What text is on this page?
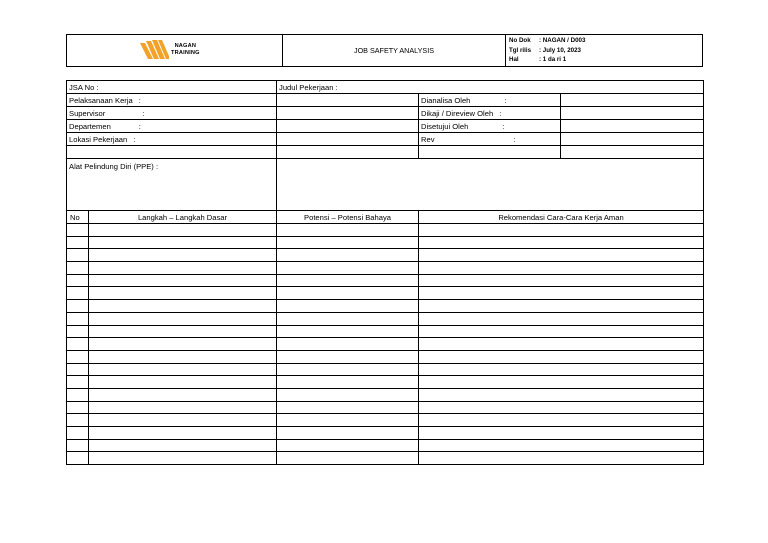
NAGAN
TRAINING	JOB SAFETY ANALYSIS
No Dok	: NAGAN / D003
Tgl rilis	: July 10, 2023
Hal	: 1 da ri 1
JSA No :		Judul Pekerjaan :		
Pelaksanaan Kerja :			Dianalisa Oleh :	
Supervisor :			Dikaji / Direview Oleh :	
Departemen :			Disetujui Oleh :	
Lokasi Pekerjaan :			Rev :	

Alat Pelindung Diri (PPE) :				
No	Langkah – Langkah Dasar	Potensi – Potensi Bahaya	Rekomendasi Cara-Cara Kerja Aman	
